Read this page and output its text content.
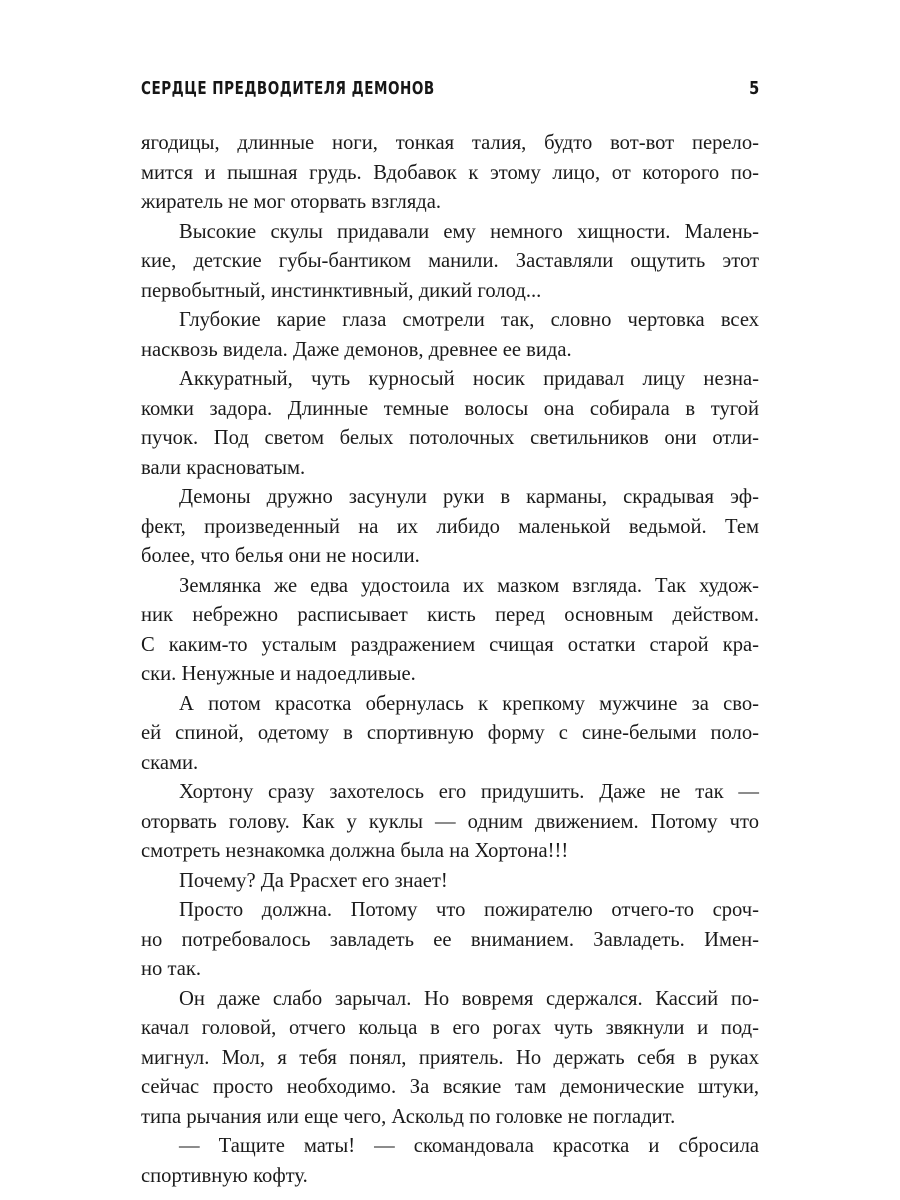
СЕРДЦЕ ПРЕДВОДИТЕЛЯ ДЕМОНОВ	5

ягодицы, длинные ноги, тонкая талия, будто вот-вот перело-
мится и пышная грудь. Вдобавок к этому лицо, от которого по-
жиратель не мог оторвать взгляда.

Высокие скулы придавали ему немного хищности. Малень-
кие, детские губы-бантиком манили. Заставляли ощутить этот
первобытный, инстинктивный, дикий голод...

Глубокие карие глаза смотрели так, словно чертовка всех
насквозь видела. Даже демонов, древнее ее вида.

Аккуратный, чуть курносый носик придавал лицу незна-
комки задора. Длинные темные волосы она собирала в тугой
пучок. Под светом белых потолочных светильников они отли-
вали красноватым.

Демоны дружно засунули руки в карманы, скрадывая эф-
фект, произведенный на их либидо маленькой ведьмой. Тем
более, что белья они не носили.

Землянка же едва удостоила их мазком взгляда. Так худож-
ник небрежно расписывает кисть перед основным действом.
С каким-то усталым раздражением счищая остатки старой кра-
ски. Ненужные и надоедливые.

А потом красотка обернулась к крепкому мужчине за сво-
ей спиной, одетому в спортивную форму с сине-белыми поло-
сками.

Хортону сразу захотелось его придушить. Даже не так —
оторвать голову. Как у куклы — одним движением. Потому что
смотреть незнакомка должна была на Хортона!!!

Почему? Да Ррасхет его знает!

Просто должна. Потому что пожирателю отчего-то сроч-
но потребовалось завладеть ее вниманием. Завладеть. Имен-
но так.

Он даже слабо зарычал. Но вовремя сдержался. Кассий по-
качал головой, отчего кольца в его рогах чуть звякнули и под-
мигнул. Мол, я тебя понял, приятель. Но держать себя в руках
сейчас просто необходимо. За всякие там демонические штуки,
типа рычания или еще чего, Аскольд по головке не погладит.

— Тащите маты! — скомандовала красотка и сбросила
спортивную кофту.
